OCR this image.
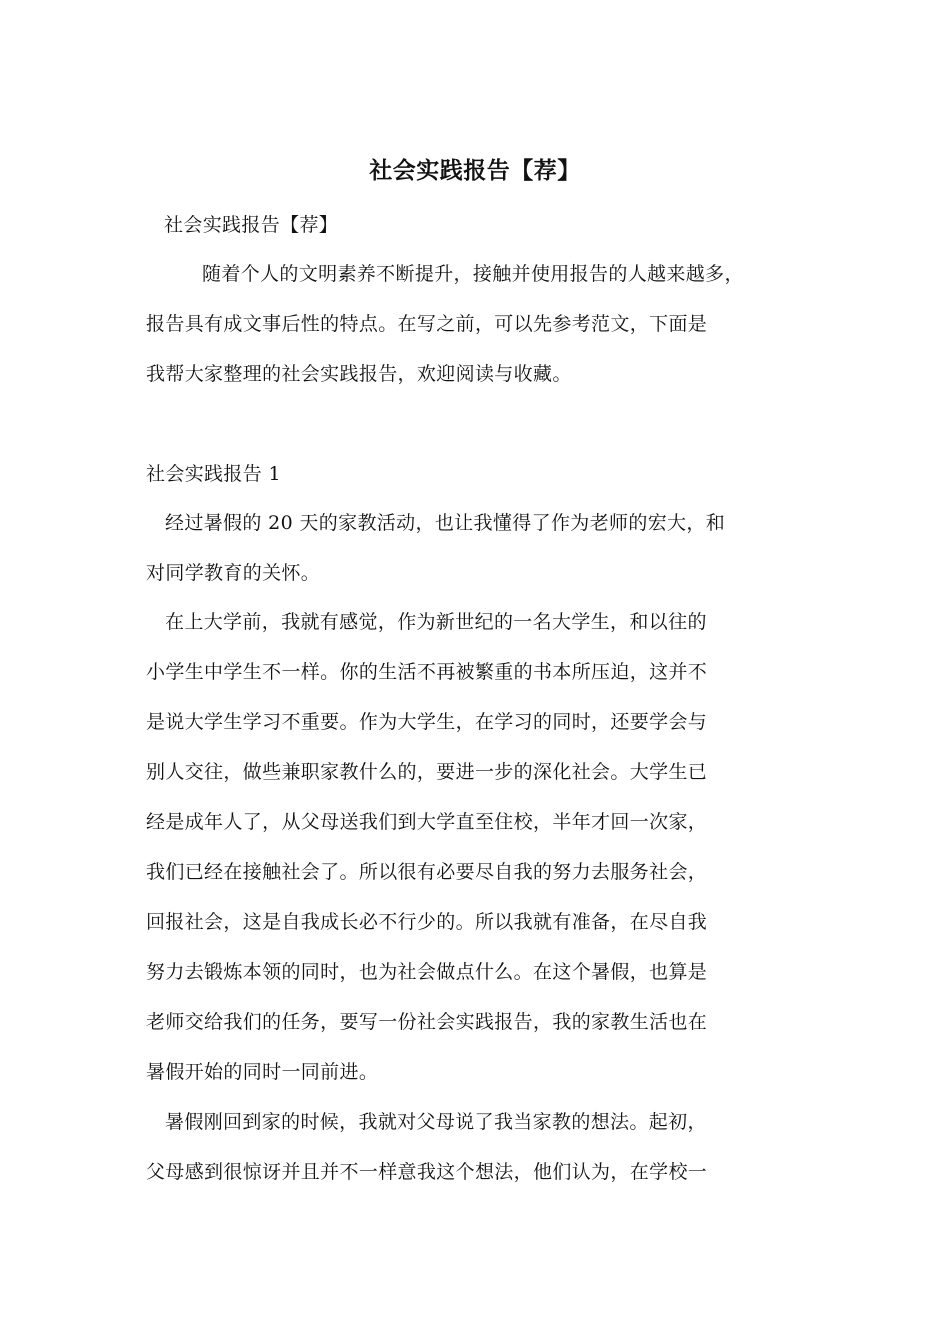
社会实践报告【荐】
社会实践报告【荐】
随着个人的文明素养不断提升，接触并使用报告的人越来越多，
报告具有成文事后性的特点。在写之前，可以先参考范文，下面是
我帮大家整理的社会实践报告，欢迎阅读与收藏。
社会实践报告 1
经过暑假的 20 天的家教活动，也让我懂得了作为老师的宏大，和
对同学教育的关怀。
在上大学前，我就有感觉，作为新世纪的一名大学生，和以往的
小学生中学生不一样。你的生活不再被繁重的书本所压迫，这并不
是说大学生学习不重要。作为大学生，在学习的同时，还要学会与
别人交往，做些兼职家教什么的，要进一步的深化社会。大学生已
经是成年人了，从父母送我们到大学直至住校，半年才回一次家，
我们已经在接触社会了。所以很有必要尽自我的努力去服务社会，
回报社会，这是自我成长必不行少的。所以我就有准备，在尽自我
努力去锻炼本领的同时，也为社会做点什么。在这个暑假，也算是
老师交给我们的任务，要写一份社会实践报告，我的家教生活也在
暑假开始的同时一同前进。
暑假刚回到家的时候，我就对父母说了我当家教的想法。起初，
父母感到很惊讶并且并不一样意我这个想法，他们认为，在学校一
